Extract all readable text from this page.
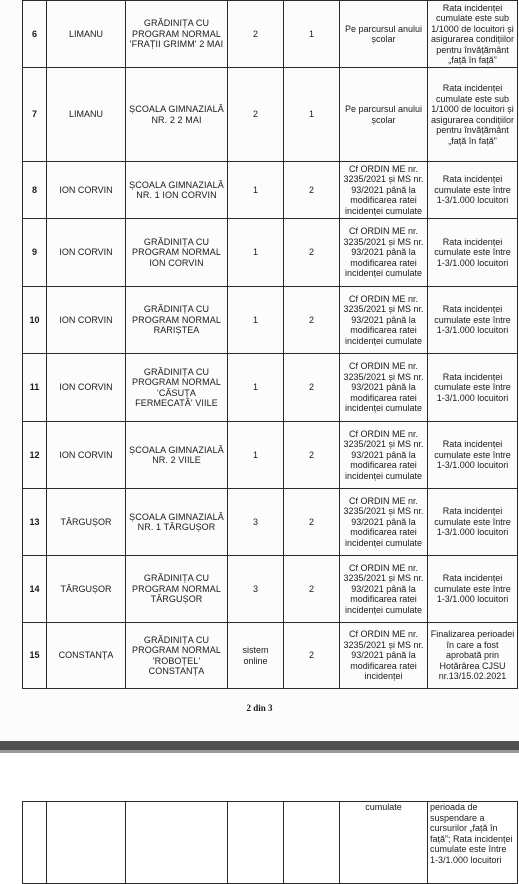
6	LIMANU	GRĂDINIȚA CU PROGRAM NORMAL 'FRAȚII GRIMM' 2 MAI	2	1	Pe parcursul anului școlar	Rata incidenței cumulate este sub 1/1000 de locuitori și asigurarea condițiilor pentru învățământ „față în față”
7	LIMANU	ȘCOALA GIMNAZIALĂ NR. 2 2 MAI	2	1	Pe parcursul anului școlar	Rata incidenței cumulate este sub 1/1000 de locuitori și asigurarea condițiilor pentru învățământ „față în față”
8	ION CORVIN	ȘCOALA GIMNAZIALĂ NR. 1 ION CORVIN	1	2	Cf ORDIN ME nr. 3235/2021 și MS nr. 93/2021 până la modificarea ratei incidenței cumulate	Rata incidenței cumulate este între 1-3/1.000 locuitori
9	ION CORVIN	GRĂDINIȚA CU PROGRAM NORMAL ION CORVIN	1	2	Cf ORDIN ME nr. 3235/2021 și MS nr. 93/2021 până la modificarea ratei incidenței cumulate	Rata incidenței cumulate este între 1-3/1.000 locuitori
10	ION CORVIN	GRĂDINIȚA CU PROGRAM NORMAL RARIȘTEA	1	2	Cf ORDIN ME nr. 3235/2021 și MS nr. 93/2021 până la modificarea ratei incidenței cumulate	Rata incidenței cumulate este între 1-3/1.000 locuitori
11	ION CORVIN	GRĂDINIȚA CU PROGRAM NORMAL 'CĂSUȚA FERMECATĂ' VIILE	1	2	Cf ORDIN ME nr. 3235/2021 și MS nr. 93/2021 până la modificarea ratei incidenței cumulate	Rata incidenței cumulate este între 1-3/1.000 locuitori
12	ION CORVIN	ȘCOALA GIMNAZIALĂ NR. 2 VIILE	1	2	Cf ORDIN ME nr. 3235/2021 și MS nr. 93/2021 până la modificarea ratei incidenței cumulate	Rata incidenței cumulate este între 1-3/1.000 locuitori
13	TÂRGUȘOR	ȘCOALA GIMNAZIALĂ NR. 1 TÂRGUȘOR	3	2	Cf ORDIN ME nr. 3235/2021 și MS nr. 93/2021 până la modificarea ratei incidenței cumulate	Rata incidenței cumulate este între 1-3/1.000 locuitori
14	TÂRGUȘOR	GRĂDINIȚA CU PROGRAM NORMAL TÂRGUȘOR	3	2	Cf ORDIN ME nr. 3235/2021 și MS nr. 93/2021 până la modificarea ratei incidenței cumulate	Rata incidenței cumulate este între 1-3/1.000 locuitori
15	CONSTANȚA	GRĂDINIȚA CU PROGRAM NORMAL 'ROBOȚEL' CONSTANȚA	sistem online	2	Cf ORDIN ME nr. 3235/2021 și MS nr. 93/2021 până la modificarea ratei incidenței	Finalizarea perioadei în care a fost aprobată prin Hotărârea CJSU nr.13/15.02.2021
2 din 3
					cumulate	perioada de suspendare a cursurilor „față în față”; Rata incidenței cumulate este între 1-3/1.000 locuitori
